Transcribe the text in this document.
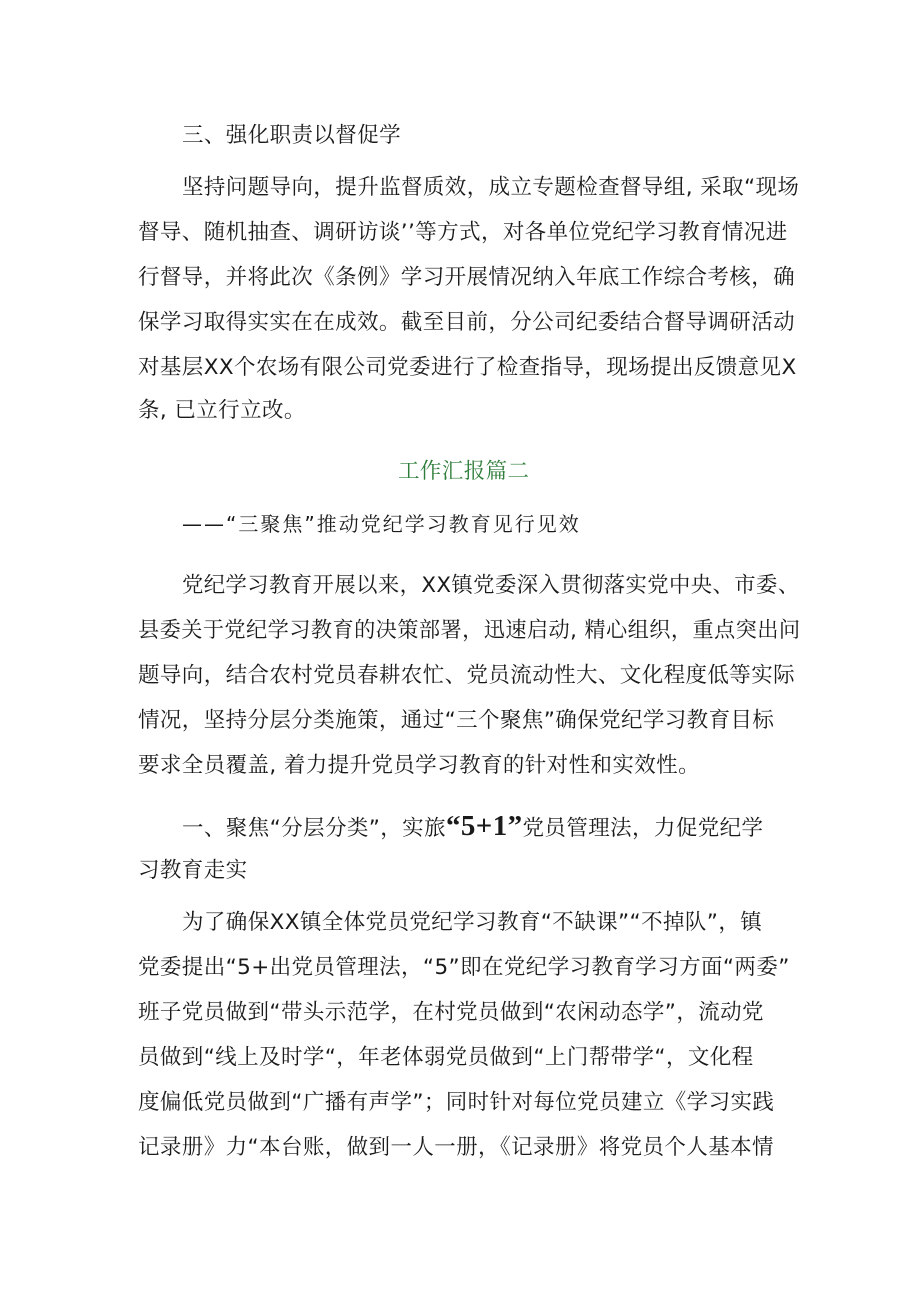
三、强化职责以督促学
坚持问题导向，提升监督质效，成立专题检查督导组, 采取“现场
督导、随机抽查、调研访谈’’等方式，对各单位党纪学习教育情况进
行督导，并将此次《条例》学习开展情况纳入年底工作综合考核，确
保学习取得实实在在成效。截至目前，分公司纪委结合督导调研活动
对基层XX个农场有限公司党委进行了检查指导，现场提出反馈意见X
条, 已立行立改。
工作汇报篇二
——“三聚焦”推动党纪学习教育见行见效
党纪学习教育开展以来，XX镇党委深入贯彻落实党中央、市委、
县委关于党纪学习教育的决策部署，迅速启动, 精心组织，重点突出问
题导向，结合农村党员春耕农忙、党员流动性大、文化程度低等实际
情况，坚持分层分类施策，通过“三个聚焦”确保党纪学习教育目标
要求全员覆盖, 着力提升党员学习教育的针对性和实效性。
一、聚焦“分层分类”，实旅“5+1”党员管理法，力促党纪学
习教育走实
为了确保XX镇全体党员党纪学习教育“不缺课”“不掉队”，镇
党委提出“5+出党员管理法，“5”即在党纪学习教育学习方面“两委”
班子党员做到“带头示范学，在村党员做到“农闲动态学”，流动党
员做到“线上及时学“，年老体弱党员做到“上门帮带学“，文化程
度偏低党员做到“广播有声学”；同时针对每位党员建立《学习实践
记录册》力“本台账，做到一人一册，《记录册》将党员个人基本情
